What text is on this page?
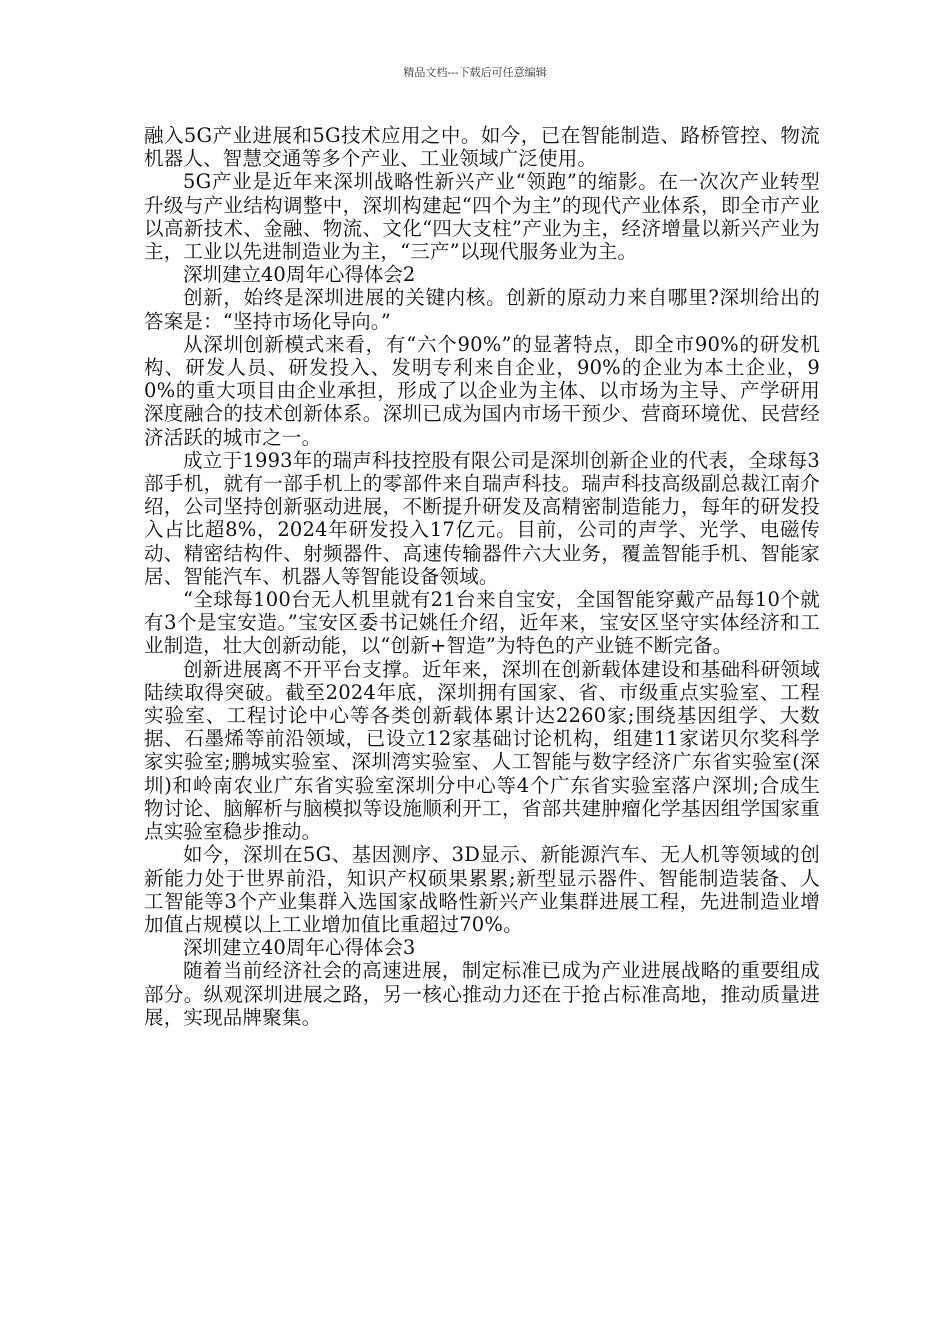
精品文档---下载后可任意编辑

融入5G产业进展和5G技术应用之中。如今，已在智能制造、路桥管控、物流机器人、智慧交通等多个产业、工业领域广泛使用。

5G产业是近年来深圳战略性新兴产业“领跑”的缩影。在一次次产业转型升级与产业结构调整中，深圳构建起“四个为主”的现代产业体系，即全市产业以高新技术、金融、物流、文化“四大支柱”产业为主，经济增量以新兴产业为主，工业以先进制造业为主，“三产”以现代服务业为主。

深圳建立40周年心得体会2

创新，始终是深圳进展的关键内核。创新的原动力来自哪里?深圳给出的答案是：“坚持市场化导向。”

从深圳创新模式来看，有“六个90%”的显著特点，即全市90%的研发机构、研发人员、研发投入、发明专利来自企业，90%的企业为本土企业，90%的重大项目由企业承担，形成了以企业为主体、以市场为主导、产学研用深度融合的技术创新体系。深圳已成为国内市场干预少、营商环境优、民营经济活跃的城市之一。

成立于1993年的瑞声科技控股有限公司是深圳创新企业的代表，全球每3部手机，就有一部手机上的零部件来自瑞声科技。瑞声科技高级副总裁江南介绍，公司坚持创新驱动进展，不断提升研发及高精密制造能力，每年的研发投入占比超8%，2024年研发投入17亿元。目前，公司的声学、光学、电磁传动、精密结构件、射频器件、高速传输器件六大业务，覆盖智能手机、智能家居、智能汽车、机器人等智能设备领域。

“全球每100台无人机里就有21台来自宝安，全国智能穿戴产品每10个就有3个是宝安造。”宝安区委书记姚任介绍，近年来，宝安区坚守实体经济和工业制造，壮大创新动能，以“创新+智造”为特色的产业链不断完备。

创新进展离不开平台支撑。近年来，深圳在创新载体建设和基础科研领域陆续取得突破。截至2024年底，深圳拥有国家、省、市级重点实验室、工程实验室、工程讨论中心等各类创新载体累计达2260家;围绕基因组学、大数据、石墨烯等前沿领域，已设立12家基础讨论机构，组建11家诺贝尔奖科学家实验室;鹏城实验室、深圳湾实验室、人工智能与数字经济广东省实验室(深圳)和岭南农业广东省实验室深圳分中心等4个广东省实验室落户深圳;合成生物讨论、脑解析与脑模拟等设施顺利开工，省部共建肿瘤化学基因组学国家重点实验室稳步推动。

如今，深圳在5G、基因测序、3D显示、新能源汽车、无人机等领域的创新能力处于世界前沿，知识产权硕果累累;新型显示器件、智能制造装备、人工智能等3个产业集群入选国家战略性新兴产业集群进展工程，先进制造业增加值占规模以上工业增加值比重超过70%。

深圳建立40周年心得体会3

随着当前经济社会的高速进展，制定标准已成为产业进展战略的重要组成部分。纵观深圳进展之路，另一核心推动力还在于抢占标准高地，推动质量进展，实现品牌聚集。
